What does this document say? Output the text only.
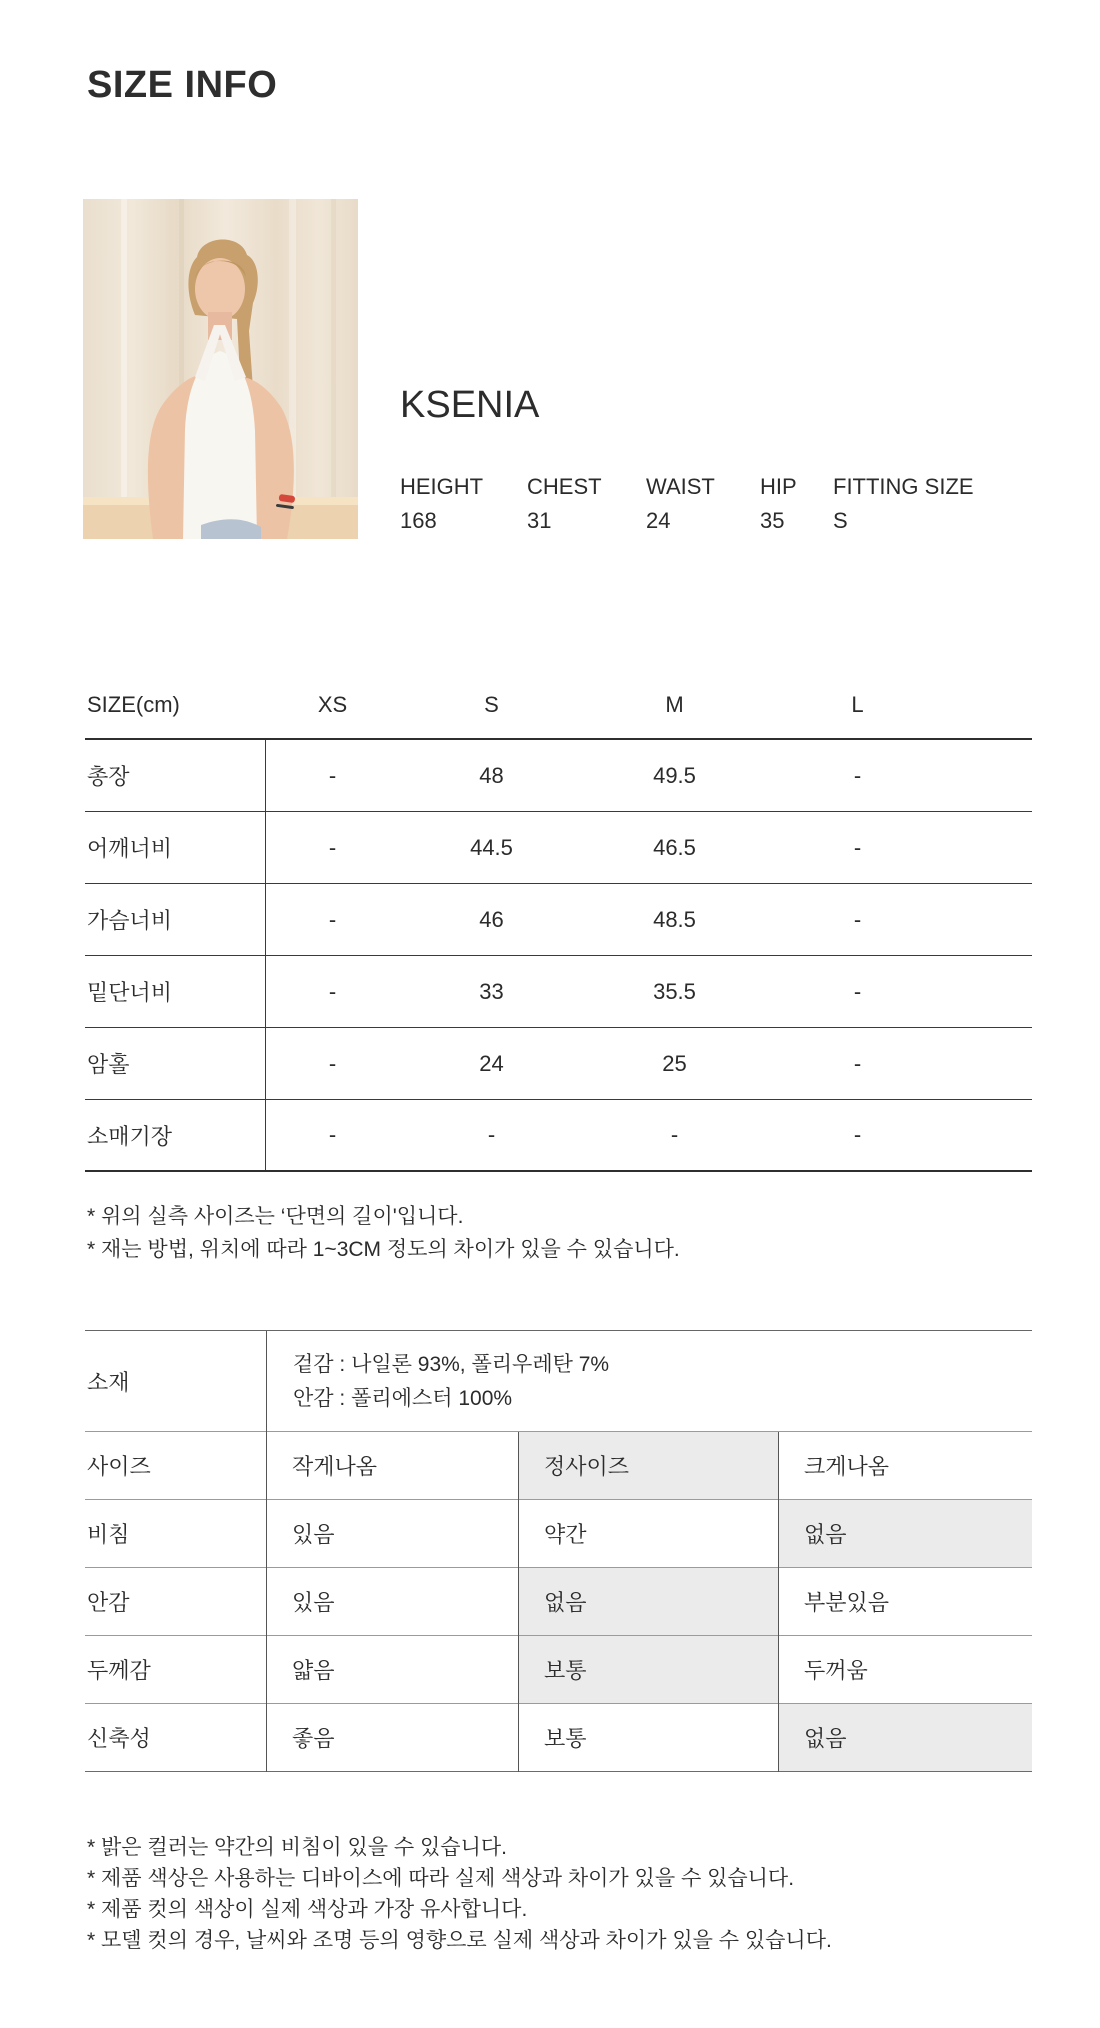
SIZE INFO
KSENIA
HEIGHT
168
CHEST
31
WAIST
24
HIP
35
FITTING SIZE
S
SIZE(cm)	XS	S	M	L
총장	-	48	49.5	-
어깨너비	-	44.5	46.5	-
가슴너비	-	46	48.5	-
밑단너비	-	33	35.5	-
암홀	-	24	25	-
소매기장	-	-	-	-
* 위의 실측 사이즈는 ‘단면의 길이'입니다.
* 재는 방법, 위치에 따라 1~3CM 정도의 차이가 있을 수 있습니다.
소재
겉감 : 나일론 93%, 폴리우레탄 7%
안감 : 폴리에스터 100%
사이즈	작게나옴	정사이즈	크게나옴
비침	있음	약간	없음
안감	있음	없음	부분있음
두께감	얇음	보통	두꺼움
신축성	좋음	보통	없음
* 밝은 컬러는 약간의 비침이 있을 수 있습니다.
* 제품 색상은 사용하는 디바이스에 따라 실제 색상과 차이가 있을 수 있습니다.
* 제품 컷의 색상이 실제 색상과 가장 유사합니다.
* 모델 컷의 경우, 날씨와 조명 등의 영향으로 실제 색상과 차이가 있을 수 있습니다.
